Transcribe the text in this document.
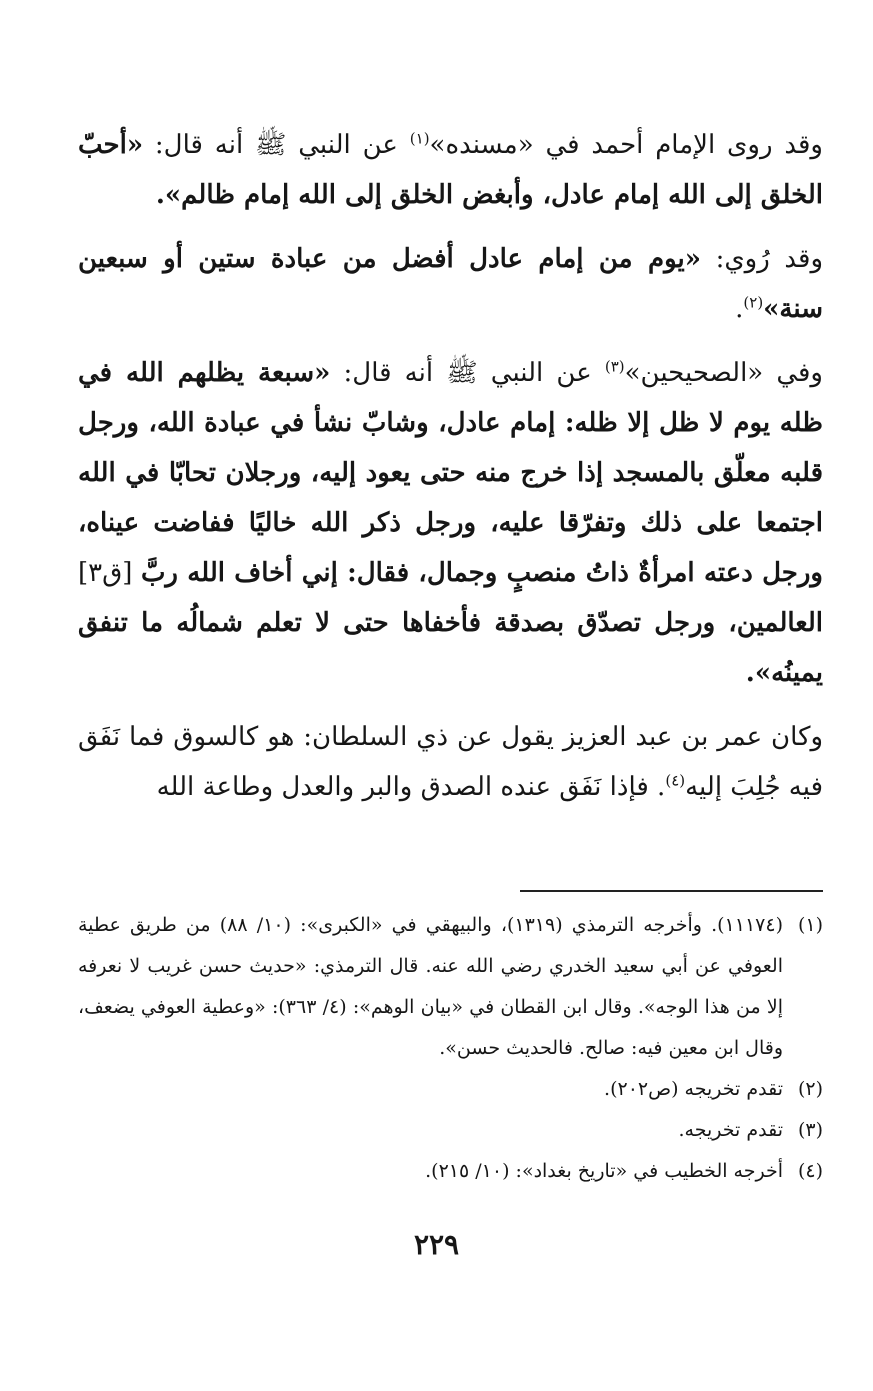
وقد روى الإمام أحمد في «مسنده»$^{(١)}$ عن النبي ﷺ أنه قال: «أحبّ الخلق إلى الله إمام عادل، وأبغض الخلق إلى الله إمام ظالم».

وقد رُوي: «يوم من إمام عادل أفضل من عبادة ستين أو سبعين سنة»$^{(٢)}$.

وفي «الصحيحين»$^{(٣)}$ عن النبي ﷺ أنه قال: «سبعة يظلهم الله في ظله يوم لا ظل إلا ظله: إمام عادل، وشابّ نشأ في عبادة الله، ورجل قلبه معلّق بالمسجد إذا خرج منه حتى يعود إليه، ورجلان تحابّا في الله اجتمعا على ذلك وتفرّقا عليه، ورجل ذكر الله خاليًا ففاضت عيناه، ورجل دعته امرأةٌ ذاتُ منصبٍ وجمال، فقال: إني أخاف الله ربَّ [ق٣] العالمين، ورجل تصدّق بصدقة فأخفاها حتى لا تعلم شمالُه ما تنفق يمينُه».

وكان عمر بن عبد العزيز يقول عن ذي السلطان: هو كالسوق فما نَفَق فيه جُلِبَ إليه$^{(٤)}$. فإذا نَفَق عنده الصدق والبر والعدل وطاعة الله

(١)
(١١١٧٤). وأخرجه الترمذي (١٣١٩)، والبيهقي في «الكبرى»: (١٠/ ٨٨) من طريق عطية العوفي عن أبي سعيد الخدري رضي الله عنه. قال الترمذي: «حديث حسن غريب لا نعرفه إلا من هذا الوجه». وقال ابن القطان في «بيان الوهم»: (٤/ ٣٦٣): «وعطية العوفي يضعف، وقال ابن معين فيه: صالح. فالحديث حسن».
(٢)
تقدم تخريجه (ص٢٠٢).
(٣)
تقدم تخريجه.
(٤)
أخرجه الخطيب في «تاريخ بغداد»: (١٠/ ٢١٥).
٢٢٩
